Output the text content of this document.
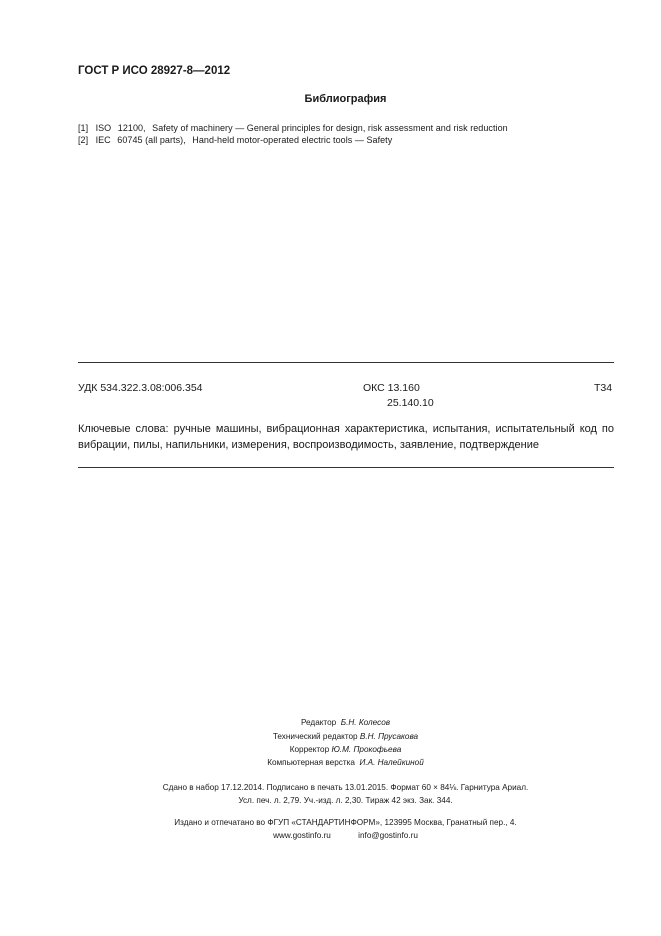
ГОСТ Р ИСО 28927-8—2012
Библиография
[1] ISO 12100, Safety of machinery — General principles for design, risk assessment and risk reduction
[2] IEC 60745 (all parts), Hand-held motor-operated electric tools — Safety
УДК 534.322.3.08:006.354	ОКС 13.160
25.140.10
Т34
Ключевые слова: ручные машины, вибрационная характеристика, испытания, испытательный код по вибрации, пилы, напильники, измерения, воспроизводимость, заявление, подтверждение
Редактор Б.Н. Колесов
Технический редактор В.Н. Прусакова
Корректор Ю.М. Прокофьева
Компьютерная верстка И.А. Налейкиной
Сдано в набор 17.12.2014. Подписано в печать 13.01.2015. Формат 60 × 84⅛. Гарнитура Ариал.
Усл. печ. л. 2,79. Уч.-изд. л. 2,30. Тираж 42 экз. Зак. 344.
Издано и отпечатано во ФГУП «СТАНДАРТИНФОРМ», 123995 Москва, Гранатный пер., 4.
www.gostinfo.ru	info@gostinfo.ru
